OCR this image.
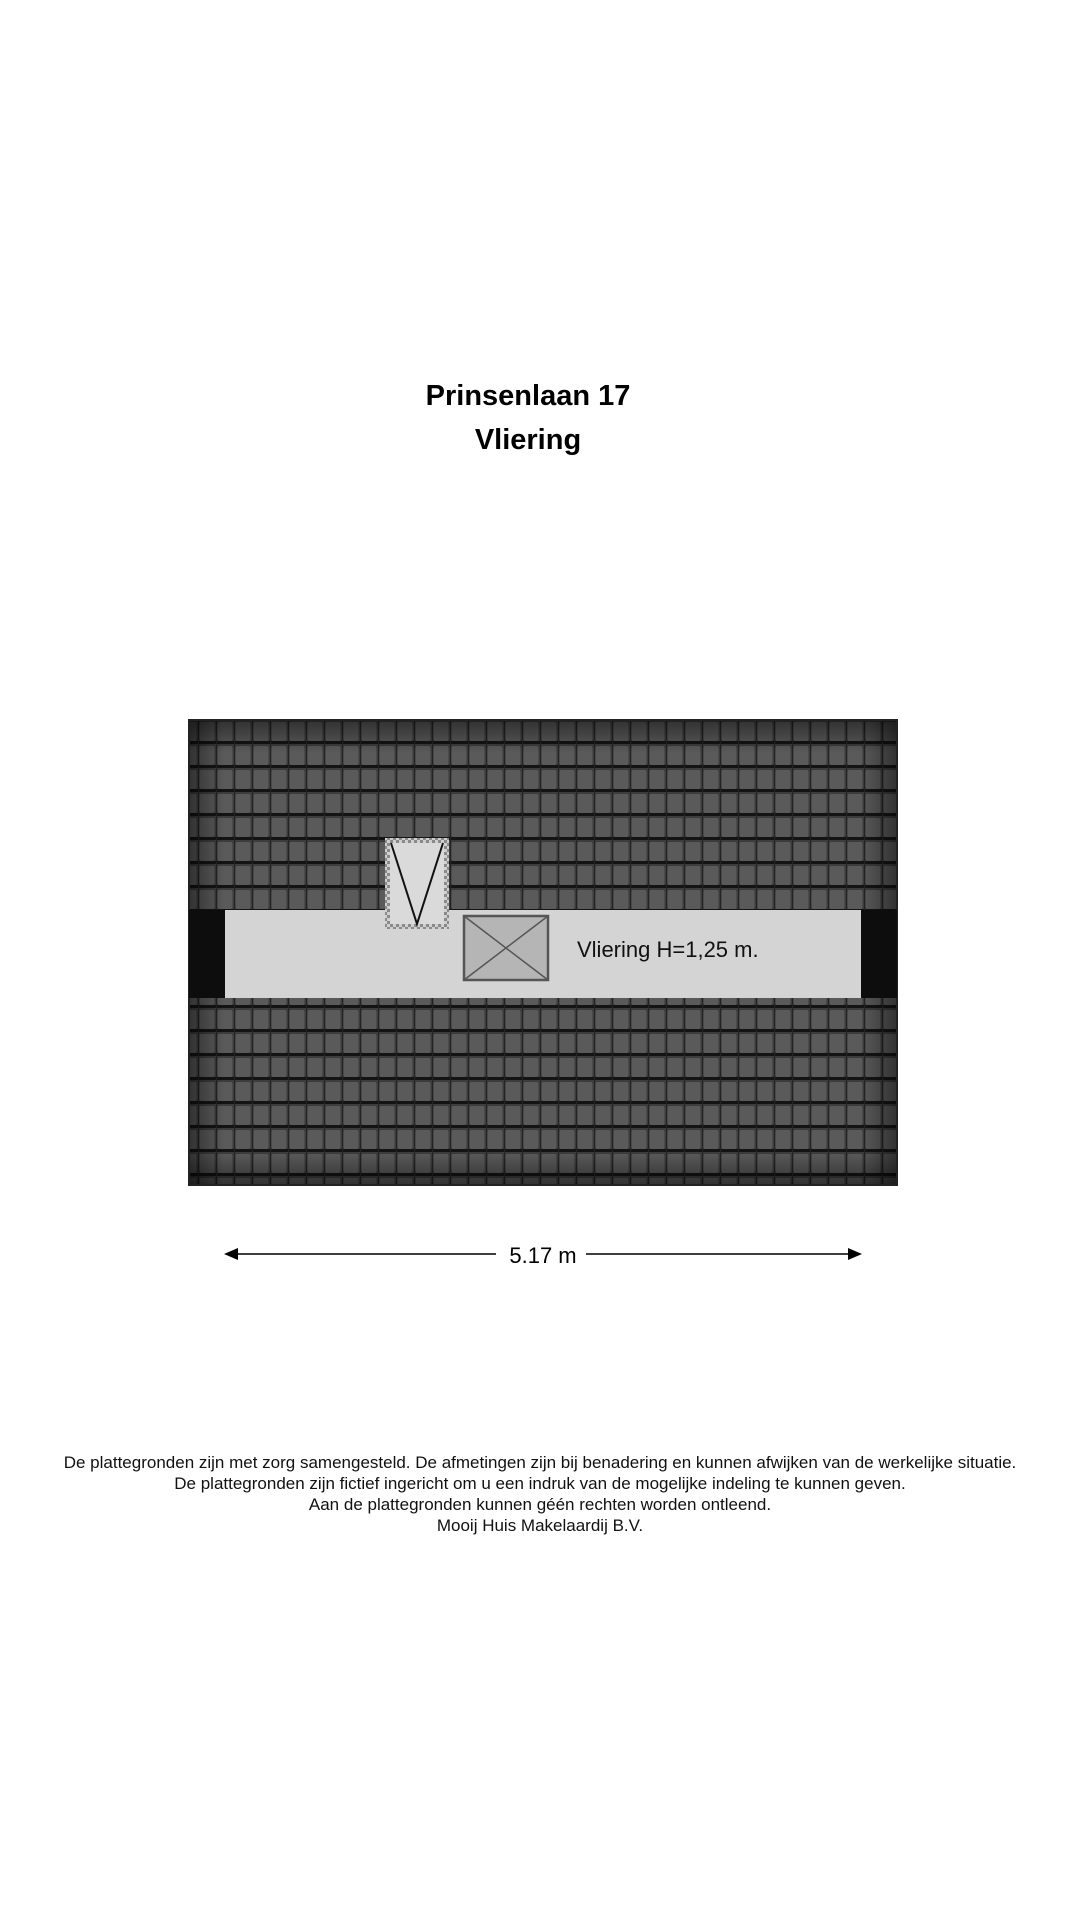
Prinsenlaan 17
Vliering
Vliering H=1,25 m.
5.17 m
De plattegronden zijn met zorg samengesteld. De afmetingen zijn bij benadering en kunnen afwijken van de werkelijke situatie.
De plattegronden zijn fictief ingericht om u een indruk van de mogelijke indeling te kunnen geven.
Aan de plattegronden kunnen géén rechten worden ontleend.
Mooij Huis Makelaardij B.V.
